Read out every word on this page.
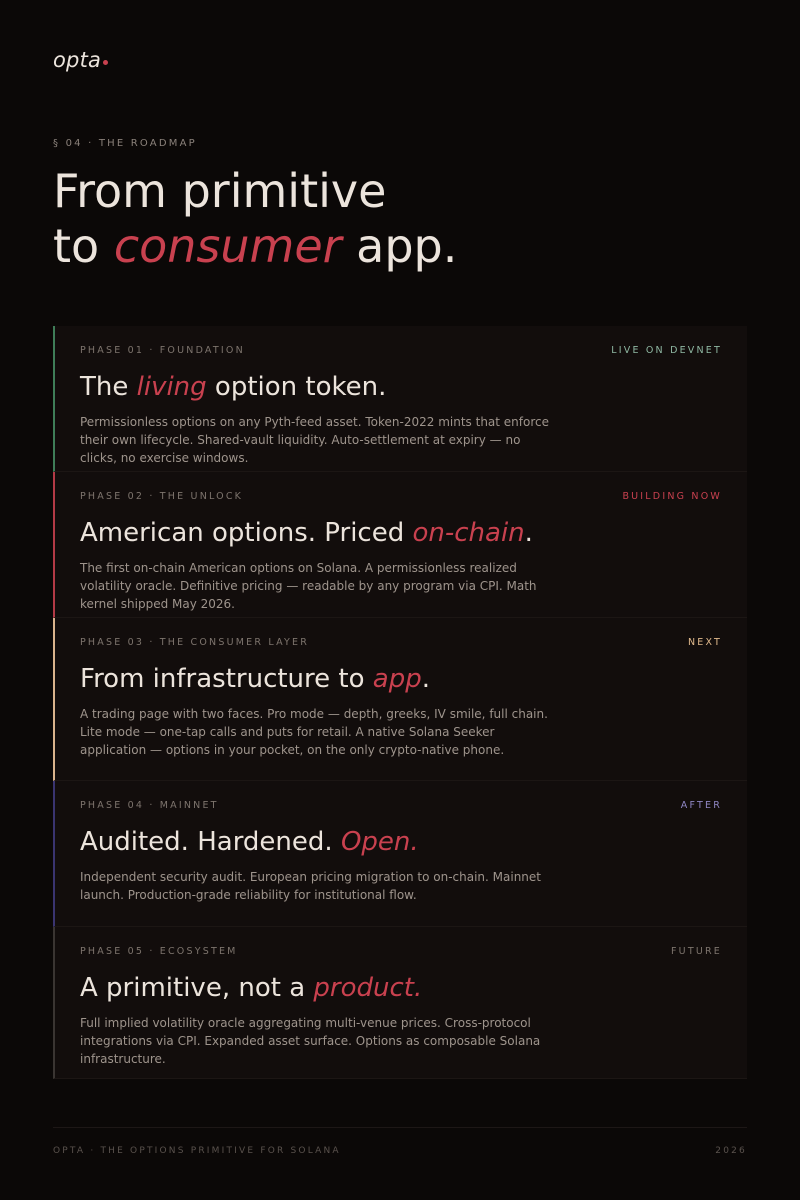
opta
§ 04 · THE ROADMAP
From primitive
to consumer app.
PHASE 01 · FOUNDATION	LIVE ON DEVNET
The living option token.

Permissionless options on any Pyth-feed asset. Token-2022 mints that enforce their own lifecycle. Shared-vault liquidity. Auto-settlement at expiry — no clicks, no exercise windows.

PHASE 02 · THE UNLOCK	BUILDING NOW
American options. Priced on-chain.

The first on-chain American options on Solana. A permissionless realized volatility oracle. Definitive pricing — readable by any program via CPI. Math kernel shipped May 2026.

PHASE 03 · THE CONSUMER LAYER	NEXT
From infrastructure to app.

A trading page with two faces. Pro mode — depth, greeks, IV smile, full chain. Lite mode — one-tap calls and puts for retail. A native Solana Seeker application — options in your pocket, on the only crypto-native phone.

PHASE 04 · MAINNET	AFTER
Audited. Hardened. Open.

Independent security audit. European pricing migration to on-chain. Mainnet launch. Production-grade reliability for institutional flow.

PHASE 05 · ECOSYSTEM	FUTURE
A primitive, not a product.

Full implied volatility oracle aggregating multi-venue prices. Cross-protocol integrations via CPI. Expanded asset surface. Options as composable Solana infrastructure.

OPTA · THE OPTIONS PRIMITIVE FOR SOLANA	2026
